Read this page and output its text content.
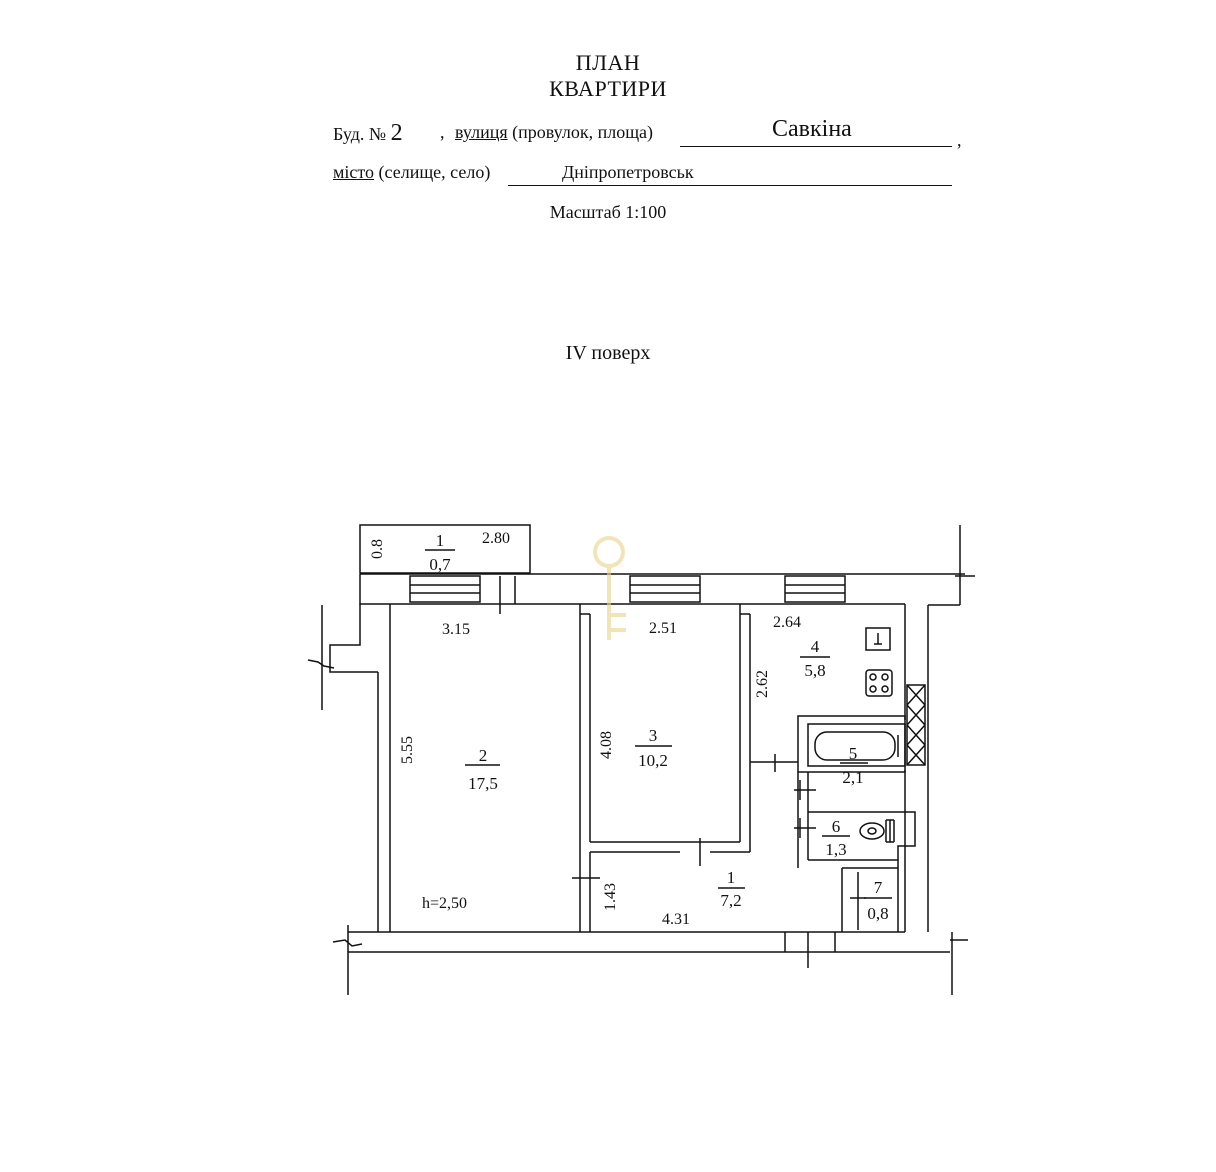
ПЛАН
КВАРТИРИ
Буд. № 2 , вулиця (провулок, площа)	Савкіна	,
місто (селище, село)	Дніпропетровськ
Масштаб 1:100
IV поверх
1
0,7
2
17,5
3
10,2
4
5,8
5
2,1
6
1,3
1
7,2
7
0,8
0.8
2.80
3.15
5.55
2.51
4.08
2.64
2.62
1.43
4.31
h=2,50
